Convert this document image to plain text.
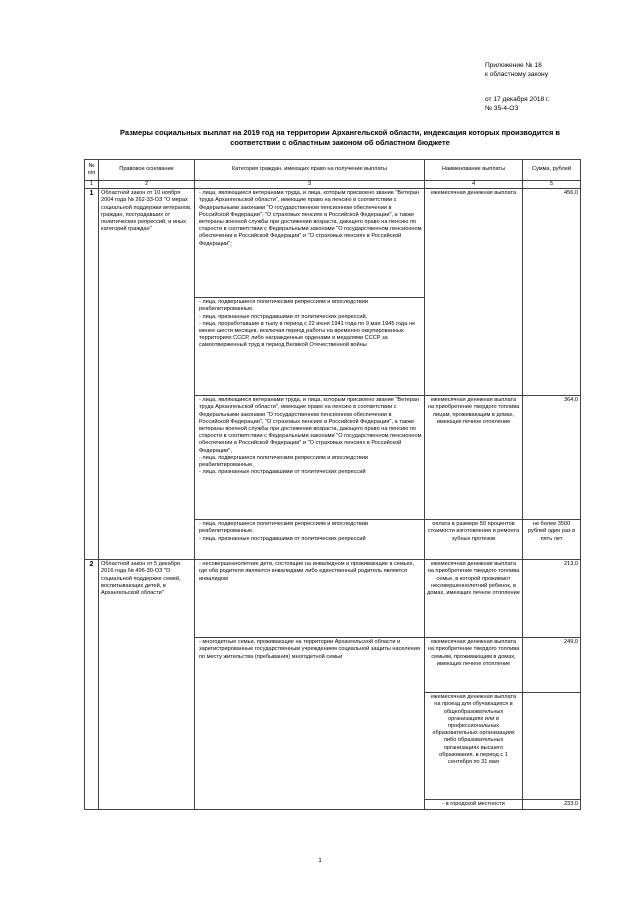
Приложение № 18
к областному закону
от 17 декабря 2018 г.
№ 35-4-ОЗ
Размеры социальных выплат на 2019 год на территории Архангельской области, индексация которых производится в соответствии с областным законом об областном бюджете
№ п/п	Правовое основание	Категория граждан, имеющих право на получение выплаты	Наименование выплаты	Сумма, рублей
1	2	3	4	5
1	Областной закон от 10 ноября 2004 года № 262-33-ОЗ "О мерах социальной поддержки ветеранов, граждан, пострадавших от политических репрессий, и иных категорий граждан"	- лица, являющиеся ветеранами труда, и лица, которым присвоено звание "Ветеран труда Архангельской области", имеющие право на пенсию в соответствии с Федеральными законами "О государственном пенсионном обеспечении в Российской Федерации", "О страховых пенсиях в Российской Федерации", а также ветераны военной службы при достижении возраста, дающего право на пенсию по старости в соответствии с Федеральными законами "О государственном пенсионном обеспечении в Российской Федерации" и "О страховых пенсиях в Российской Федерации";	ежемесячная денежная выплата	456,0

		- лица, подвергшиеся политическим репрессиям и впоследствии реабилитированные,
- лица, признанные пострадавшими от политических репрессий,
- лица, проработавшие в тылу в период с 22 июня 1941 года по 9 мая 1945 года не менее шести месяцев, исключая период работы на временно оккупированных территориях СССР, либо награжденные орденами и медалями СССР за самоотверженный труд в период Великой Отечественной войны		

		- лица, являющиеся ветеранами труда, и лица, которым присвоено звание "Ветеран труда Архангельской области", имеющие право на пенсию в соответствии с Федеральными законами "О государственном пенсионном обеспечении в Российской Федерации", "О страховых пенсиях в Российской Федерации", а также ветераны военной службы при достижении возраста, дающего право на пенсию по старости в соответствии с Федеральными законами "О государственном пенсионном обеспечении в Российской Федерации" и "О страховых пенсиях в Российской Федерации",
- лица, подвергшиеся политическим репрессиям и впоследствии реабилитированные,
- лица, признанные пострадавшими от политических репрессий	ежемесячная денежная выплата на приобретение твердого топлива лицам, проживающим в домах, имеющих печное отопление	364,0

		- лица, подвергшиеся политическим репрессиям и впоследствии реабилитированные,
- лица, признанные пострадавшими от политических репрессий	оплата в размере 50 процентов стоимости изготовления и ремонта зубных протезов	не более 3500 рублей один раз в пять лет
2	Областной закон от 5 декабря 2016 года № 496-30-ОЗ "О социальной поддержке семей, воспитывающих детей, в Архангельской области"	- несовершеннолетние дети, состоящие на инвалидном и проживающие в семьях, где оба родителя являются инвалидами либо единственный родитель является инвалидом	ежемесячная денежная выплата на приобретение твердого топлива семье, в которой проживают несовершеннолетний ребенок, в домах, имеющих печное отопление	213,0
		- многодетные семьи, проживающие на территории Архангельской области и зарегистрированные государственным учреждением социальной защиты населения по месту жительства (пребывания) многодетной семьи	ежемесячная денежная выплата на приобретение твердого топлива семьям, проживающим в домах, имеющих печное отопление	249,0
			ежемесячная денежная выплата на проезд для обучающихся в общеобразовательных организациях или в профессиональных образовательных организациях либо образовательных организациях высшего образования, в период с 1 сентября по 31 мая	
			- в городской местности	233,0
1
